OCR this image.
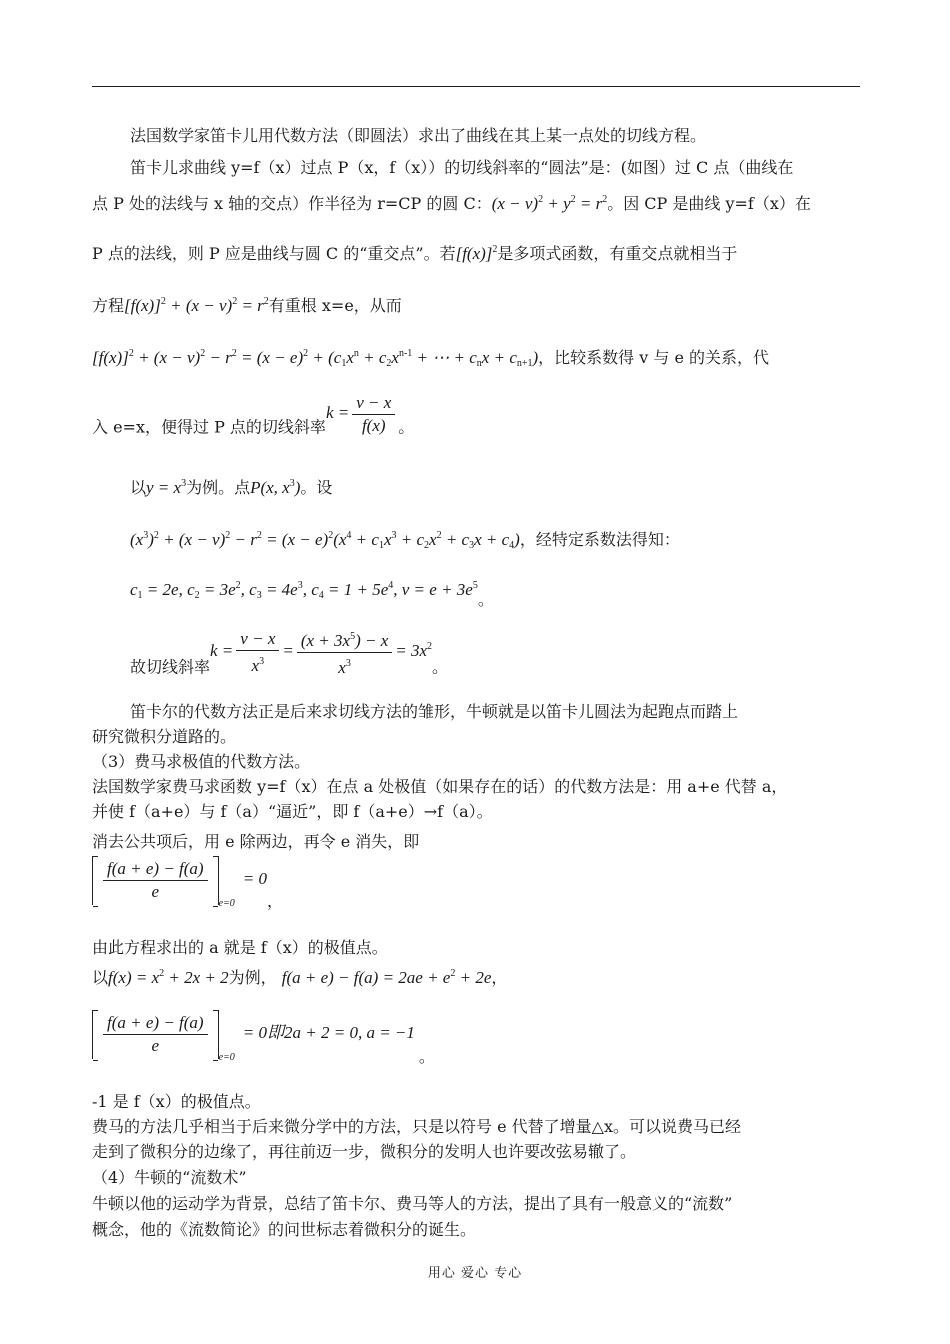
法国数学家笛卡儿用代数方法（即圆法）求出了曲线在其上某一点处的切线方程。
笛卡儿求曲线 y=f（x）过点 P（x，f（x））的切线斜率的“圆法”是：(如图）过 C 点（曲线在
点 P 处的法线与 x 轴的交点）作半径为 r=CP 的圆 C：$(x - v)^2 + y^2 = r^2$。因 CP 是曲线 y=f（x）在
P 点的法线，则 P 应是曲线与圆 C 的“重交点”。若$[f(x)]^2$是多项式函数，有重交点就相当于
方程$[f(x)]^2 + (x - v)^2 = r^2$有重根 x=e，从而
$[f(x)]^2 + (x - v)^2 - r^2 = (x - e)^2 + (c_1x^n + c_2x^{n-1}$ + ⋯ + $c_nx + c_{n+1}$)，比较系数得 v 与 e 的关系，代
入 e=x，便得过 P 点的切线斜率$k = \frac{v - x}{f(x)}$ 。
以$y = x^3$为例。点P(x, $x^3$)。设
$(x^3)^2 + (x - v)^2 - r^2 = (x - e)^2(x^4 + c_1x^3 + c_2x^2 + c_3x + c_4)$，经特定系数法得知：
$c_1 = 2e$, $c_2 = 3e^2$, $c_3 = 4e^3$, $c_4 = 1 + 5e^4$, $v = e + 3e^5$。
故切线斜率$k = \frac{v - x}{x^3} = \frac{(x + 3x^5) - x}{x^3} = 3x^2$。
笛卡尔的代数方法正是后来求切线方法的雏形，牛顿就是以笛卡儿圆法为起跑点而踏上
研究微积分道路的。
（3）费马求极值的代数方法。
法国数学家费马求函数 y=f（x）在点 a 处极值（如果存在的话）的代数方法是：用 a+e 代替 a，
并使 f（a+e）与 f（a）“逼近”，即 f（a+e）→f（a）。
消去公共项后，用 e 除两边，再令 e 消失，即
$\frac{f(a + e) - f(a)}{e}$
e=0= 0，
由此方程求出的 a 就是 f（x）的极值点。
以$f(x) = x^2 + 2x + 2$为例， $f(a + e) - f(a) = 2ae + e^2 + 2e$，
$\frac{f(a + e) - f(a)}{e}$
e=0= 0即2a + 2 = 0, a = −1。
-1 是 f（x）的极值点。
费马的方法几乎相当于后来微分学中的方法，只是以符号 e 代替了增量△x。可以说费马已经
走到了微积分的边缘了，再往前迈一步，微积分的发明人也许要改弦易辙了。
（4）牛顿的“流数术”
牛顿以他的运动学为背景，总结了笛卡尔、费马等人的方法，提出了具有一般意义的“流数”
概念，他的《流数简论》的问世标志着微积分的诞生。
用心 爱心 专心
